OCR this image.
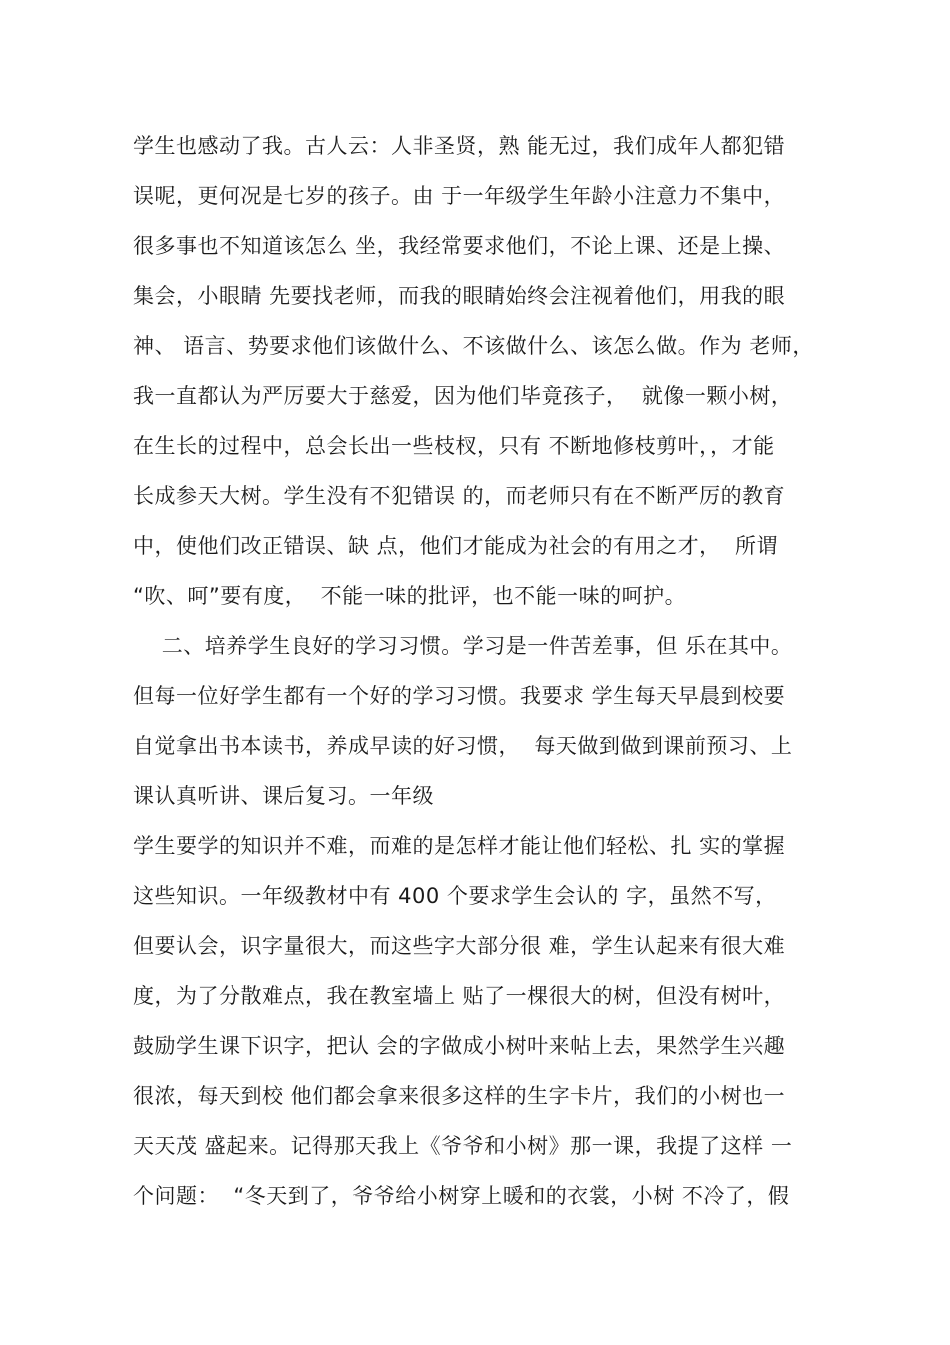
学生也感动了我。古人云：人非圣贤，熟 能无过，我们成年人都犯错
误呢，更何况是七岁的孩子。由 于一年级学生年龄小注意力不集中，
很多事也不知道该怎么 坐，我经常要求他们，不论上课、还是上操、
集会，小眼睛 先要找老师，而我的眼睛始终会注视着他们，用我的眼
神、 语言、势要求他们该做什么、不该做什么、该怎么做。作为 老师，
我一直都认为严厉要大于慈爱，因为他们毕竟孩子，  就像一颗小树，
在生长的过程中，总会长出一些枝杈，只有 不断地修枝剪叶，，才能
长成参天大树。学生没有不犯错误 的，而老师只有在不断严厉的教育
中，使他们改正错误、缺 点，他们才能成为社会的有用之才，  所谓
“吹、呵”要有度，  不能一味的批评，也不能一味的呵护。
二、培养学生良好的学习习惯。学习是一件苦差事，但 乐在其中。
但每一位好学生都有一个好的学习习惯。我要求 学生每天早晨到校要
自觉拿出书本读书，养成早读的好习惯，  每天做到做到课前预习、上
课认真听讲、课后复习。一年级
学生要学的知识并不难，而难的是怎样才能让他们轻松、扎 实的掌握
这些知识。一年级教材中有 400 个要求学生会认的 字，虽然不写，
但要认会，识字量很大，而这些字大部分很 难，学生认起来有很大难
度，为了分散难点，我在教室墙上 贴了一棵很大的树，但没有树叶，
鼓励学生课下识字，把认 会的字做成小树叶来帖上去，果然学生兴趣
很浓，每天到校 他们都会拿来很多这样的生字卡片，我们的小树也一
天天茂 盛起来。记得那天我上《爷爷和小树》那一课，我提了这样 一
个问题：  “冬天到了，爷爷给小树穿上暖和的衣裳，小树 不冷了，假
